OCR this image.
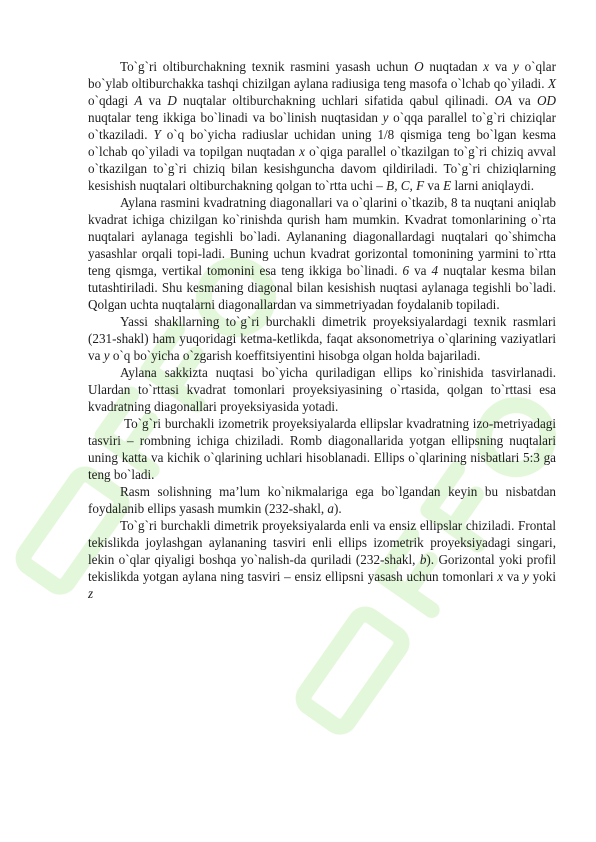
To`g`ri oltiburchakning texnik rasmini yasash uchun O nuqtadan x va y o`qlar bo`ylab oltiburchakka tashqi chizilgan aylana radiusiga teng masofa o`lchab qo`yiladi. X o`qdagi A va D nuqtalar oltiburchakning uchlari sifatida qabul qilinadi. OA va OD nuqtalar teng ikkiga bo`linadi va bo`linish nuqtasidan y o`qqa parallel to`g`ri chiziqlar o`tkaziladi. Y o`q bo`yicha radiuslar uchidan uning 1/8 qismiga teng bo`lgan kesma o`lchab qo`yiladi va topilgan nuqtadan x o`qiga parallel o`tkazilgan to`g`ri chiziq avval o`tkazilgan to`g`ri chiziq bilan kesishguncha davom qildiriladi. To`g`ri chiziqlarning kesishish nuqtalari oltiburchakning qolgan to`rtta uchi – B, C, F va E larni aniqlaydi.

Aylana rasmini kvadratning diagonallari va o`qlarini o`tkazib, 8 ta nuqtani aniqlab kvadrat ichiga chizilgan ko`rinishda qurish ham mumkin. Kvadrat tomonlarining o`rta nuqtalari aylanaga tegishli bo`ladi. Aylananing diagonallardagi nuqtalari qo`shimcha yasashlar orqali topi-ladi. Buning uchun kvadrat gorizontal tomonining yarmini to`rtta teng qismga, vertikal tomonini esa teng ikkiga bo`linadi. 6 va 4 nuqtalar kesma bilan tutashtiriladi. Shu kesmaning diagonal bilan kesishish nuqtasi aylanaga tegishli bo`ladi. Qolgan uchta nuqtalarni diagonallardan va simmetriyadan foydalanib topiladi.

Yassi shakllarning to`g`ri burchakli dimetrik proyeksiyalardagi texnik rasmlari (231-shakl) ham yuqoridagi ketma-ketlikda, faqat aksonometriya o`qlarining vaziyatlari va y o`q bo`yicha o`zgarish koeffitsiyentini hisobga olgan holda bajariladi.

Aylana sakkizta nuqtasi bo`yicha quriladigan ellips ko`rinishida tasvirlanadi. Ulardan to`rttasi kvadrat tomonlari proyeksiyasining o`rtasida, qolgan to`rttasi esa kvadratning diagonallari proyeksiyasida yotadi.

To`g`ri burchakli izometrik proyeksiyalarda ellipslar kvadratning izo-metriyadagi tasviri – rombning ichiga chiziladi. Romb diagonallarida yotgan ellipsning nuqtalari uning katta va kichik o`qlarining uchlari hisoblanadi. Ellips o`qlarining nisbatlari 5:3 ga teng bo`ladi.

Rasm solishning ma’lum ko`nikmalariga ega bo`lgandan keyin bu nisbatdan foydalanib ellips yasash mumkin (232-shakl, a).

To`g`ri burchakli dimetrik proyeksiyalarda enli va ensiz ellipslar chiziladi. Frontal tekislikda joylashgan aylananing tasviri enli ellips izometrik proyeksiyadagi singari, lekin o`qlar qiyaligi boshqa yo`nalish-da quriladi (232-shakl, b). Gorizontal yoki profil tekislikda yotgan aylana ning tasviri – ensiz ellipsni yasash uchun tomonlari x va y yoki z
